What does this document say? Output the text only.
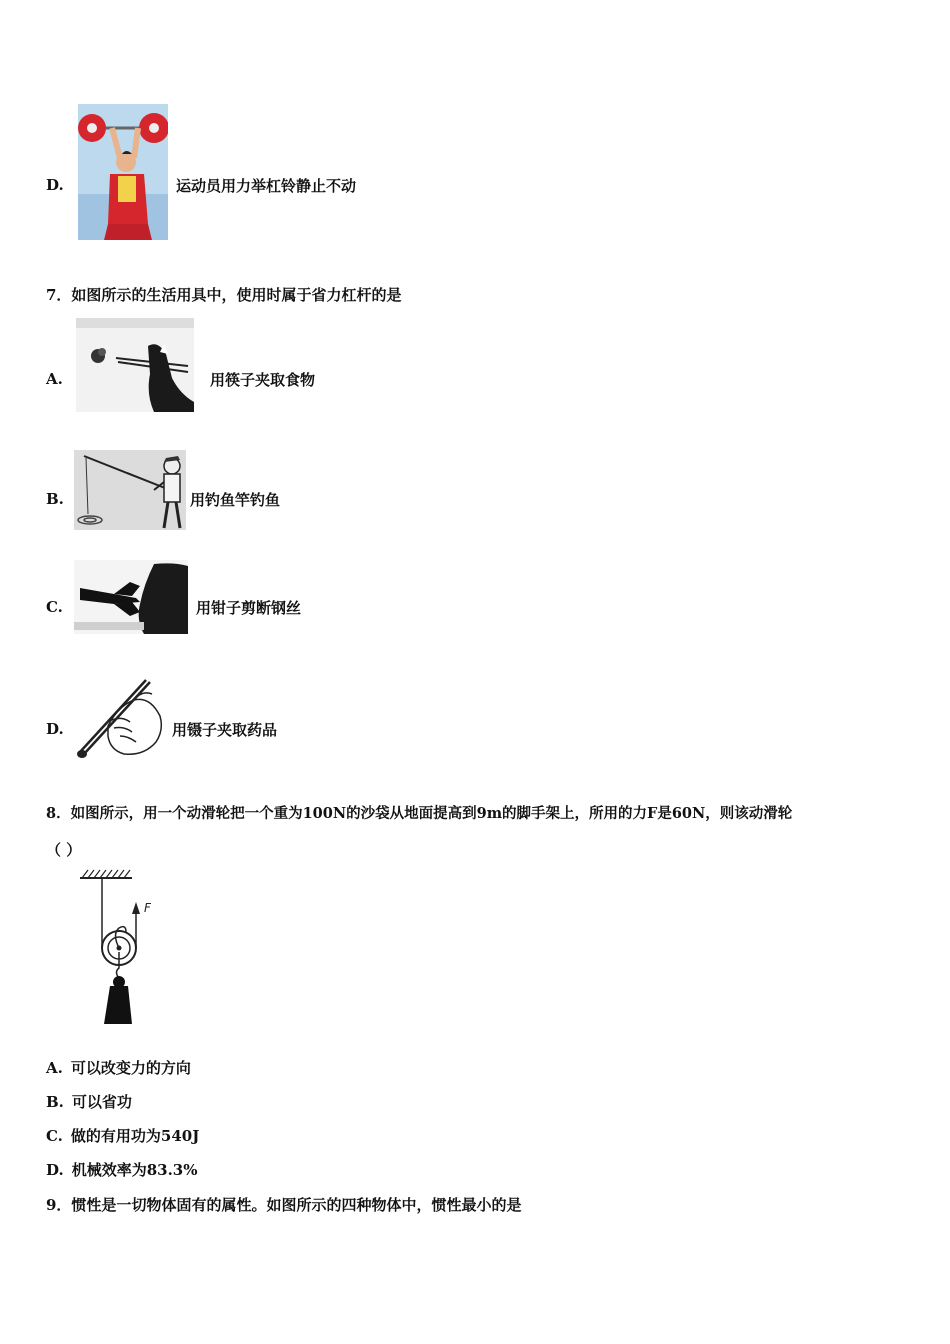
D.	运动员用力举杠铃静止不动
7．如图所示的生活用具中，使用时属于省力杠杆的是
A.	用筷子夹取食物
B.	用钓鱼竿钓鱼
C.	用钳子剪断钢丝
D.	用镊子夹取药品
8．如图所示，用一个动滑轮把一个重为100N的沙袋从地面提高到9m的脚手架上，所用的力F是60N，则该动滑轮
（ ）
F
A. 可以改变力的方向
B. 可以省功
C. 做的有用功为540J
D. 机械效率为83.3%
9．惯性是一切物体固有的属性。如图所示的四种物体中，惯性最小的是
